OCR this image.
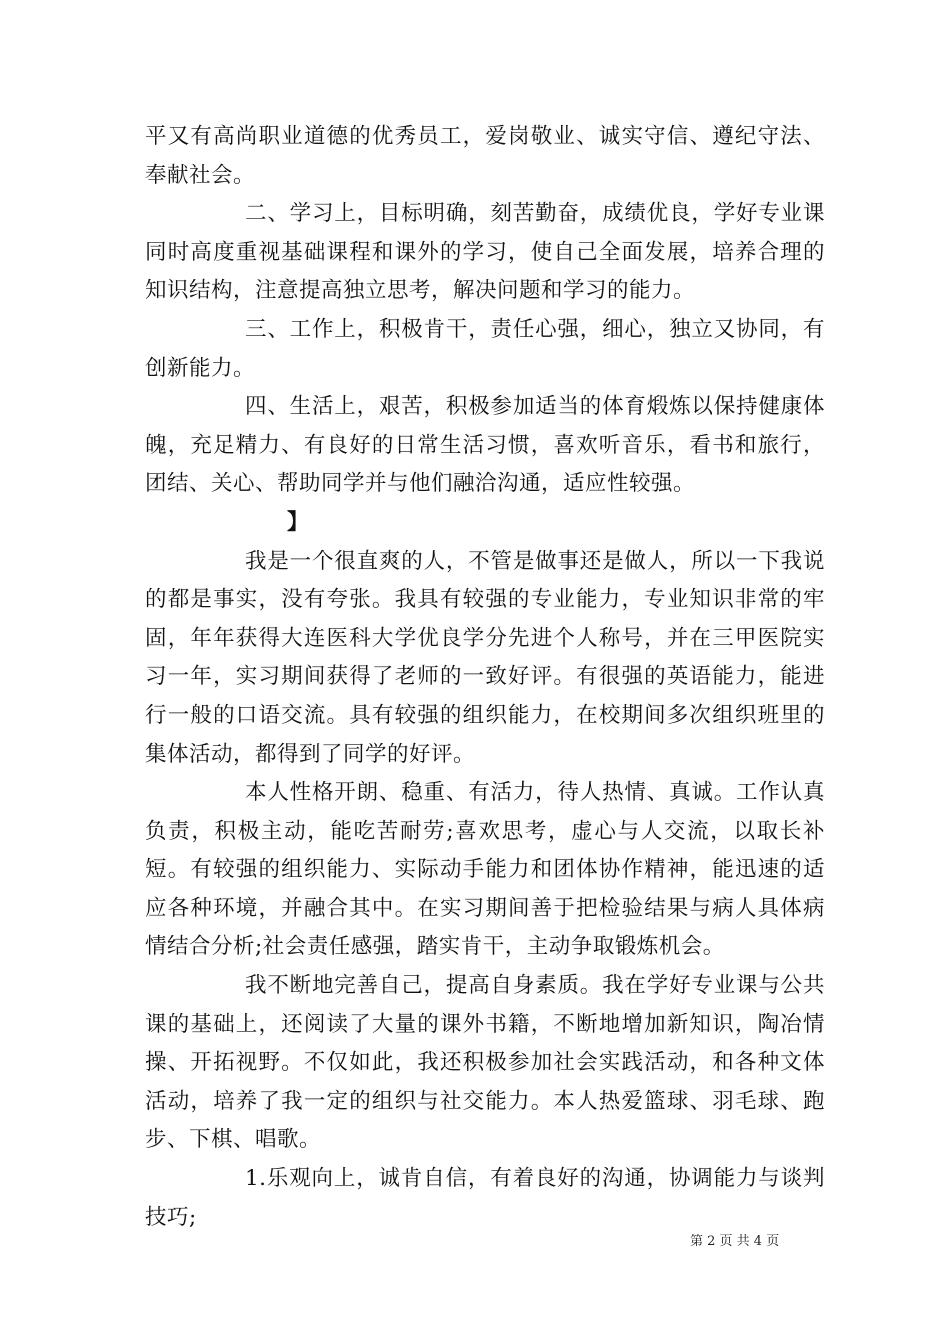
平又有高尚职业道德的优秀员工，爱岗敬业、诚实守信、遵纪守法、奉献社会。

二、学习上，目标明确，刻苦勤奋，成绩优良，学好专业课同时高度重视基础课程和课外的学习，使自己全面发展，培养合理的知识结构，注意提高独立思考，解决问题和学习的能力。

三、工作上，积极肯干，责任心强，细心，独立又协同，有创新能力。

四、生活上，艰苦，积极参加适当的体育煅炼以保持健康体魄，充足精力、有良好的日常生活习惯，喜欢听音乐，看书和旅行，团结、关心、帮助同学并与他们融洽沟通，适应性较强。

】

我是一个很直爽的人，不管是做事还是做人，所以一下我说的都是事实，没有夸张。我具有较强的专业能力，专业知识非常的牢固，年年获得大连医科大学优良学分先进个人称号，并在三甲医院实习一年，实习期间获得了老师的一致好评。有很强的英语能力，能进行一般的口语交流。具有较强的组织能力，在校期间多次组织班里的集体活动，都得到了同学的好评。

本人性格开朗、稳重、有活力，待人热情、真诚。工作认真负责，积极主动，能吃苦耐劳;喜欢思考，虚心与人交流，以取长补短。有较强的组织能力、实际动手能力和团体协作精神，能迅速的适应各种环境，并融合其中。在实习期间善于把检验结果与病人具体病情结合分析;社会责任感强，踏实肯干，主动争取锻炼机会。

我不断地完善自己，提高自身素质。我在学好专业课与公共课的基础上，还阅读了大量的课外书籍，不断地增加新知识，陶冶情操、开拓视野。不仅如此，我还积极参加社会实践活动，和各种文体活动，培养了我一定的组织与社交能力。本人热爱篮球、羽毛球、跑步、下棋、唱歌。

1.乐观向上，诚肯自信，有着良好的沟通，协调能力与谈判技巧;

第 2 页 共 4 页
